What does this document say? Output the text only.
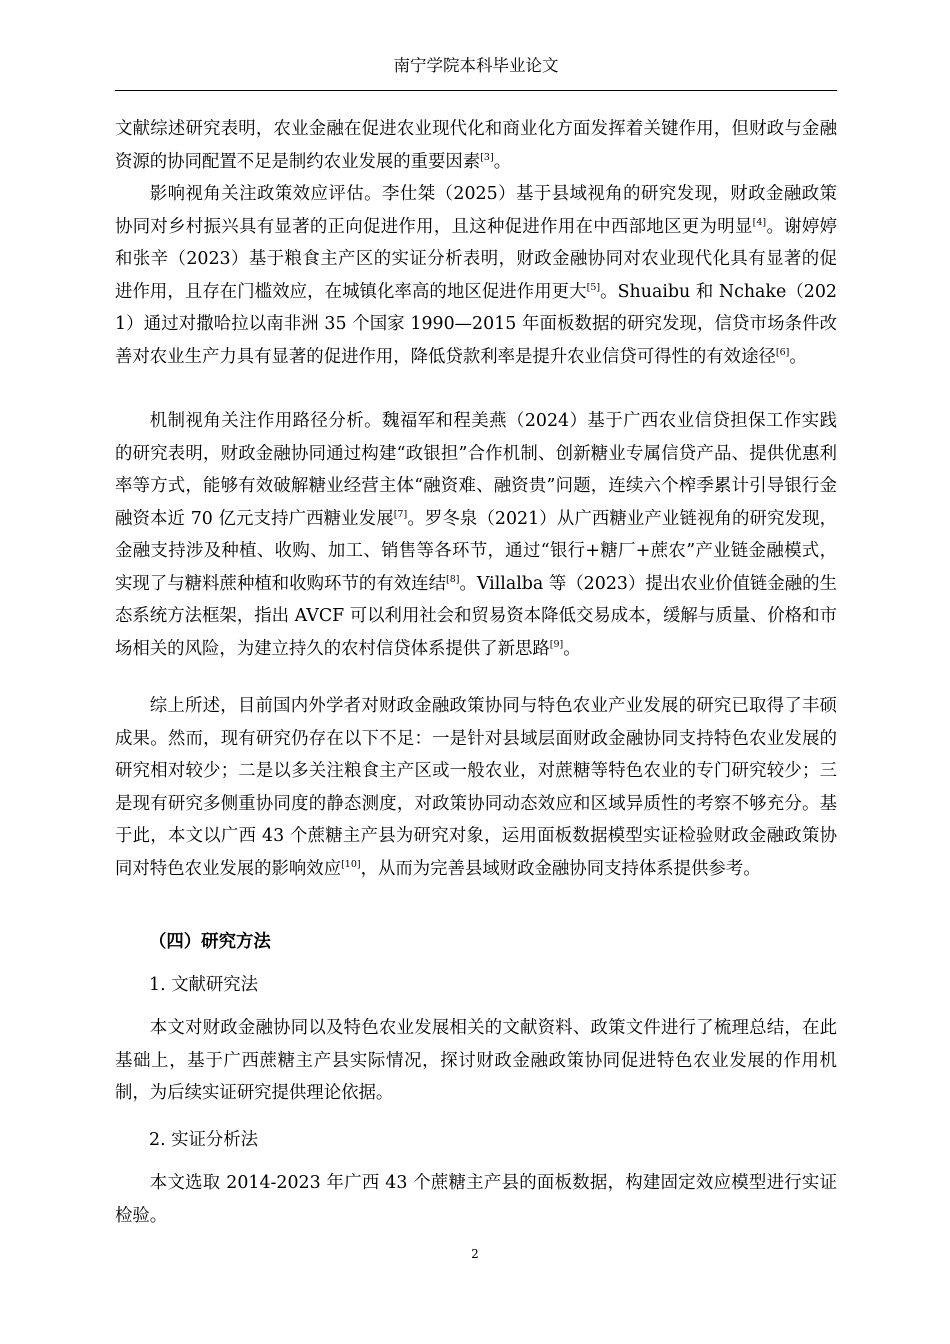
南宁学院本科毕业论文

文献综述研究表明，农业金融在促进农业现代化和商业化方面发挥着关键作用，但财政与金融资源的协同配置不足是制约农业发展的重要因素[3]。

影响视角关注政策效应评估。李仕桀（2025）基于县域视角的研究发现，财政金融政策协同对乡村振兴具有显著的正向促进作用，且这种促进作用在中西部地区更为明显[4]。谢婷婷和张辛（2023）基于粮食主产区的实证分析表明，财政金融协同对农业现代化具有显著的促进作用，且存在门槛效应，在城镇化率高的地区促进作用更大[5]。Shuaibu 和 Nchake（2021）通过对撒哈拉以南非洲 35 个国家 1990—2015 年面板数据的研究发现，信贷市场条件改善对农业生产力具有显著的促进作用，降低贷款利率是提升农业信贷可得性的有效途径[6]。

机制视角关注作用路径分析。魏福军和程美燕（2024）基于广西农业信贷担保工作实践的研究表明，财政金融协同通过构建“政银担”合作机制、创新糖业专属信贷产品、提供优惠利率等方式，能够有效破解糖业经营主体“融资难、融资贵”问题，连续六个榨季累计引导银行金融资本近 70 亿元支持广西糖业发展[7]。罗冬泉（2021）从广西糖业产业链视角的研究发现，金融支持涉及种植、收购、加工、销售等各环节，通过“银行+糖厂+蔗农”产业链金融模式，实现了与糖料蔗种植和收购环节的有效连结[8]。Villalba 等（2023）提出农业价值链金融的生态系统方法框架，指出 AVCF 可以利用社会和贸易资本降低交易成本，缓解与质量、价格和市场相关的风险，为建立持久的农村信贷体系提供了新思路[9]。

综上所述，目前国内外学者对财政金融政策协同与特色农业产业发展的研究已取得了丰硕成果。然而，现有研究仍存在以下不足：一是针对县域层面财政金融协同支持特色农业发展的研究相对较少；二是以多关注粮食主产区或一般农业，对蔗糖等特色农业的专门研究较少；三是现有研究多侧重协同度的静态测度，对政策协同动态效应和区域异质性的考察不够充分。基于此，本文以广西 43 个蔗糖主产县为研究对象，运用面板数据模型实证检验财政金融政策协同对特色农业发展的影响效应[10]，从而为完善县域财政金融协同支持体系提供参考。

（四）研究方法
1. 文献研究法

本文对财政金融协同以及特色农业发展相关的文献资料、政策文件进行了梳理总结，在此基础上，基于广西蔗糖主产县实际情况，探讨财政金融政策协同促进特色农业发展的作用机制，为后续实证研究提供理论依据。

2. 实证分析法

本文选取 2014-2023 年广西 43 个蔗糖主产县的面板数据，构建固定效应模型进行实证检验。

2
